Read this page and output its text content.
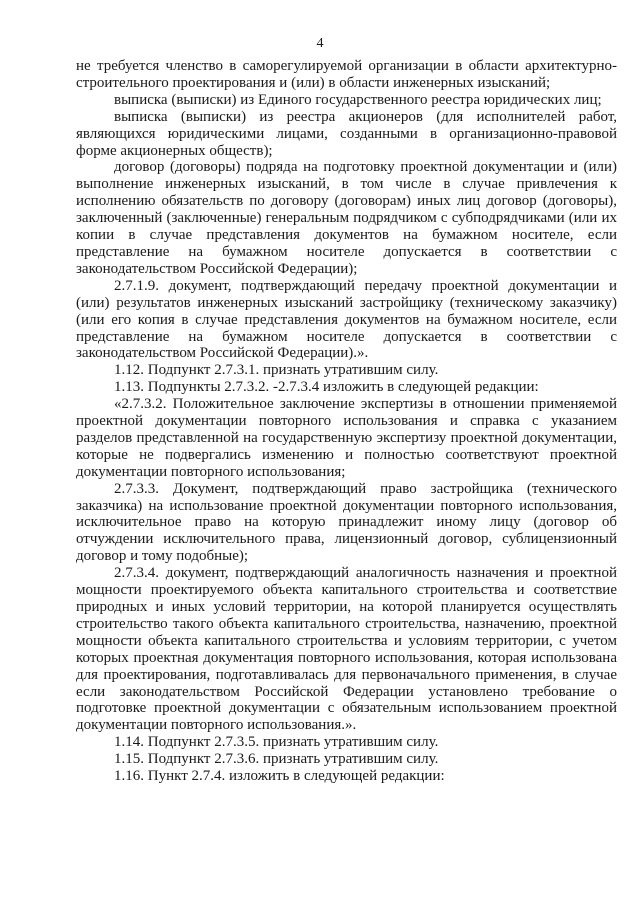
4

не требуется членство в саморегулируемой организации в области архитектурно-строительного проектирования и (или) в области инженерных изысканий;

выписка (выписки) из Единого государственного реестра юридических лиц;

выписка (выписки) из реестра акционеров (для исполнителей работ, являющихся юридическими лицами, созданными в организационно-правовой форме акционерных обществ);

договор (договоры) подряда на подготовку проектной документации и (или) выполнение инженерных изысканий, в том числе в случае привлечения к исполнению обязательств по договору (договорам) иных лиц договор (договоры), заключенный (заключенные) генеральным подрядчиком с субподрядчиками (или их копии в случае представления документов на бумажном носителе, если представление на бумажном носителе допускается в соответствии с законодательством Российской Федерации);

2.7.1.9. документ, подтверждающий передачу проектной документации и (или) результатов инженерных изысканий застройщику (техническому заказчику) (или его копия в случае представления документов на бумажном носителе, если представление на бумажном носителе допускается в соответствии с законодательством Российской Федерации).».

1.12. Подпункт 2.7.3.1. признать утратившим силу.

1.13. Подпункты 2.7.3.2. -2.7.3.4 изложить в следующей редакции:

«2.7.3.2. Положительное заключение экспертизы в отношении применяемой проектной документации повторного использования и справка с указанием разделов представленной на государственную экспертизу проектной документации, которые не подвергались изменению и полностью соответствуют проектной документации повторного использования;

2.7.3.3. Документ, подтверждающий право застройщика (технического заказчика) на использование проектной документации повторного использования, исключительное право на которую принадлежит иному лицу (договор об отчуждении исключительного права, лицензионный договор, сублицензионный договор и тому подобные);

2.7.3.4. документ, подтверждающий аналогичность назначения и проектной мощности проектируемого объекта капитального строительства и соответствие природных и иных условий территории, на которой планируется осуществлять строительство такого объекта капитального строительства, назначению, проектной мощности объекта капитального строительства и условиям территории, с учетом которых проектная документация повторного использования, которая использована для проектирования, подготавливалась для первоначального применения, в случае если законодательством Российской Федерации установлено требование о подготовке проектной документации с обязательным использованием проектной документации повторного использования.».

1.14. Подпункт 2.7.3.5. признать утратившим силу.

1.15. Подпункт 2.7.3.6. признать утратившим силу.

1.16. Пункт 2.7.4. изложить в следующей редакции:
